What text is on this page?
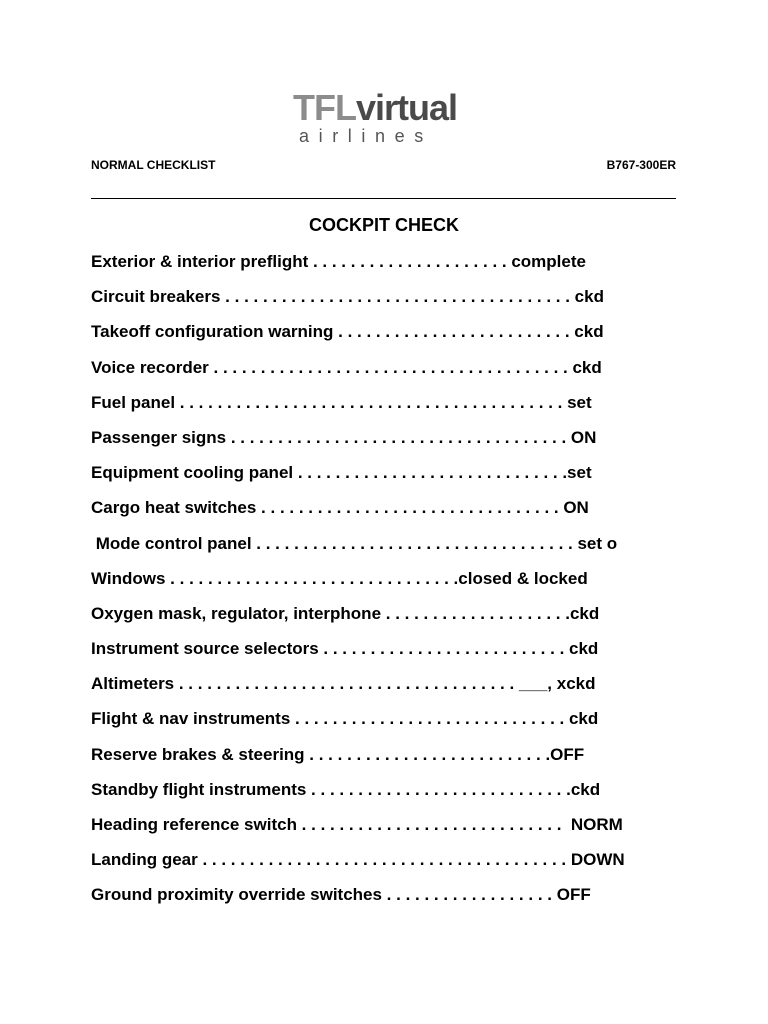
TFLvirtual
airlines
NORMAL CHECKLIST	B767-300ER
COCKPIT CHECK
Exterior & interior preflight . . . . . . . . . . . . . . . . . . . . . complete
Circuit breakers . . . . . . . . . . . . . . . . . . . . . . . . . . . . . . . . . . . . . ckd
Takeoff configuration warning . . . . . . . . . . . . . . . . . . . . . . . . . ckd
Voice recorder . . . . . . . . . . . . . . . . . . . . . . . . . . . . . . . . . . . . . . ckd
Fuel panel . . . . . . . . . . . . . . . . . . . . . . . . . . . . . . . . . . . . . . . . . set
Passenger signs . . . . . . . . . . . . . . . . . . . . . . . . . . . . . . . . . . . . ON
Equipment cooling panel . . . . . . . . . . . . . . . . . . . . . . . . . . . . .set
Cargo heat switches . . . . . . . . . . . . . . . . . . . . . . . . . . . . . . . . ON
Mode control panel . . . . . . . . . . . . . . . . . . . . . . . . . . . . . . . . . . set o
Windows . . . . . . . . . . . . . . . . . . . . . . . . . . . . . . .closed & locked
Oxygen mask, regulator, interphone . . . . . . . . . . . . . . . . . . . .ckd
Instrument source selectors . . . . . . . . . . . . . . . . . . . . . . . . . . ckd
Altimeters . . . . . . . . . . . . . . . . . . . . . . . . . . . . . . . . . . . . ___, xckd
Flight & nav instruments . . . . . . . . . . . . . . . . . . . . . . . . . . . . . ckd
Reserve brakes & steering . . . . . . . . . . . . . . . . . . . . . . . . . .OFF
Standby flight instruments . . . . . . . . . . . . . . . . . . . . . . . . . . . .ckd
Heading reference switch . . . . . . . . . . . . . . . . . . . . . . . . . . . .  NORM
Landing gear . . . . . . . . . . . . . . . . . . . . . . . . . . . . . . . . . . . . . . . DOWN
Ground proximity override switches . . . . . . . . . . . . . . . . . . OFF
